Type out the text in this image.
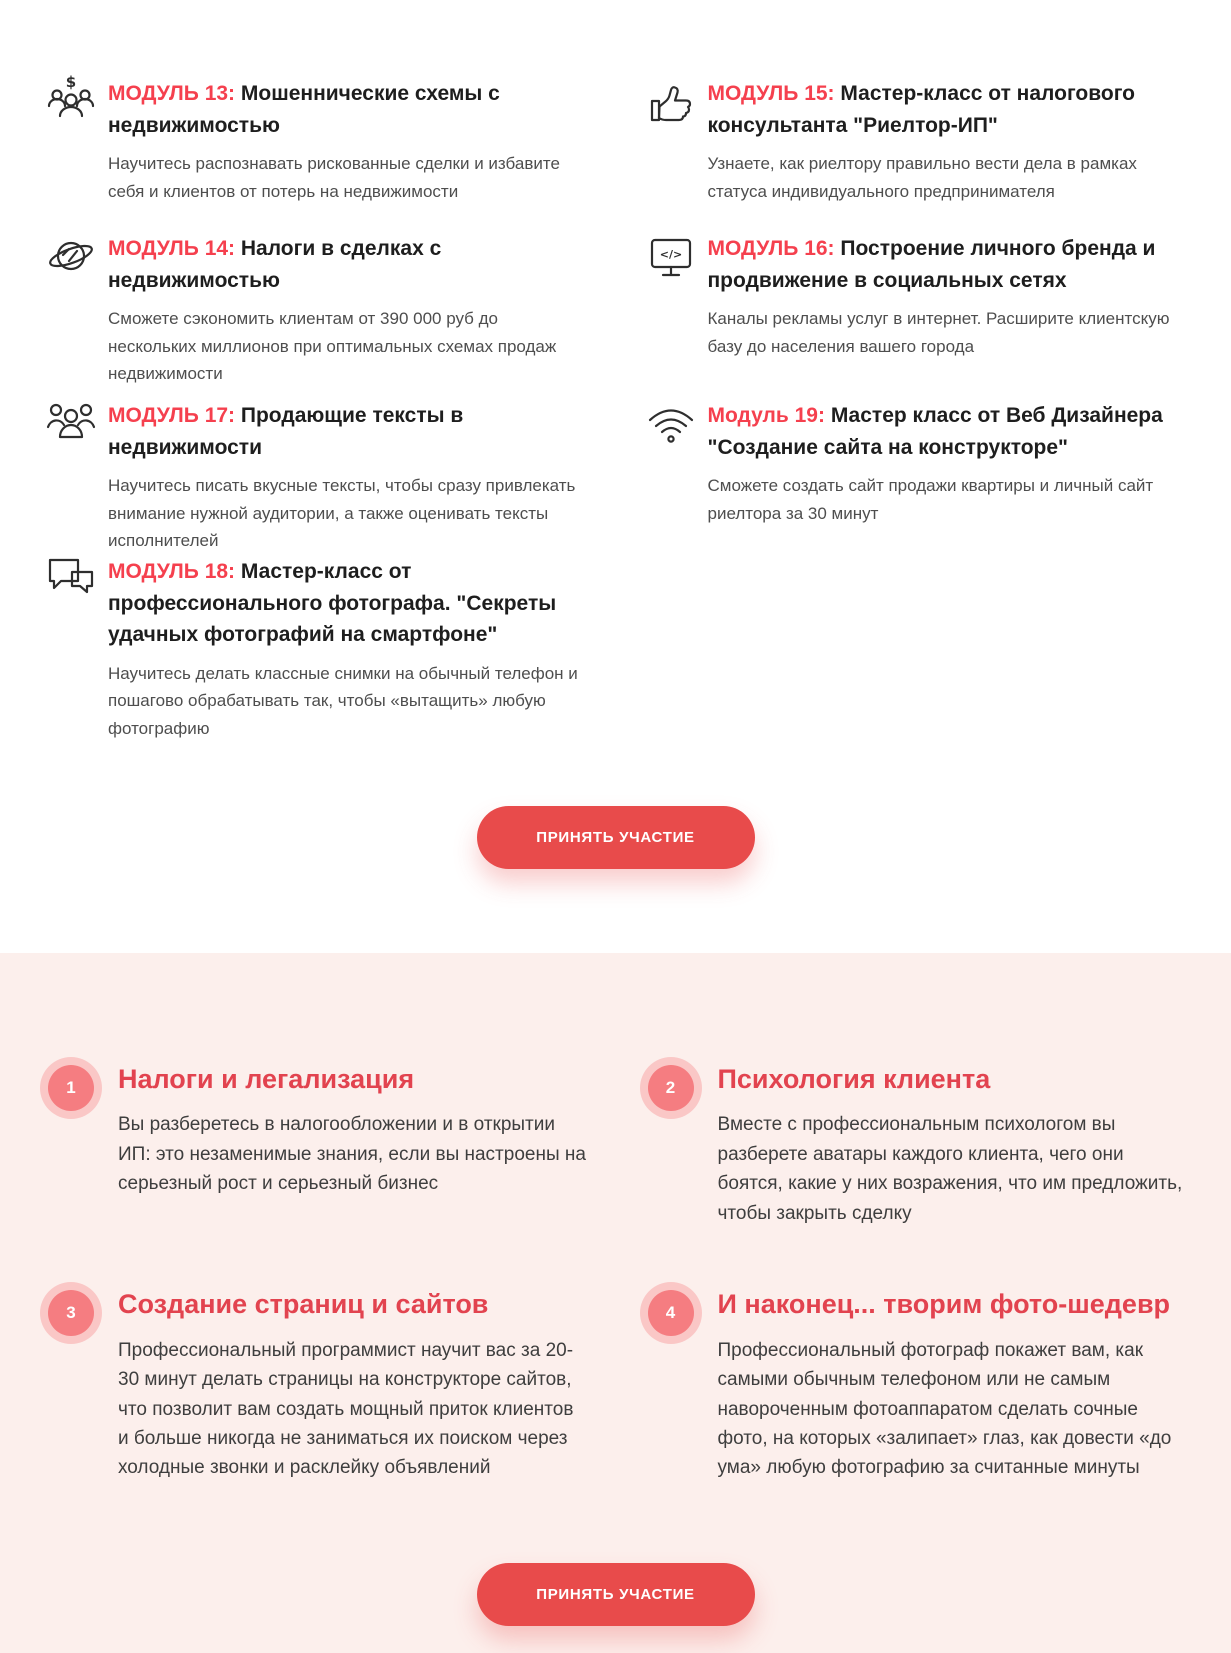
$ МОДУЛЬ 13: Мошеннические схемы с недвижимостью
Научитесь распознавать рискованные сделки и избавите себя и клиентов от потерь на недвижимости
МОДУЛЬ 15: Мастер-класс от налогового консультанта "Риелтор-ИП"
Узнаете, как риелтору правильно вести дела в рамках статуса индивидуального предпринимателя
МОДУЛЬ 14: Налоги в сделках с недвижимостью
Сможете сэкономить клиентам от 390 000 руб до нескольких миллионов при оптимальных схемах продаж недвижимости
</> МОДУЛЬ 16: Построение личного бренда и продвижение в социальных сетях
Каналы рекламы услуг в интернет. Расширите клиентскую базу до населения вашего города
МОДУЛЬ 17: Продающие тексты в недвижимости
Научитесь писать вкусные тексты, чтобы сразу привлекать внимание нужной аудитории, а также оценивать тексты исполнителей
Модуль 19: Мастер класс от Веб Дизайнера "Создание сайта на конструкторе"
Сможете создать сайт продажи квартиры и личный сайт риелтора за 30 минут
МОДУЛЬ 18: Мастер-класс от профессионального фотографа. "Секреты удачных фотографий на смартфоне"
Научитесь делать классные снимки на обычный телефон и пошагово обрабатывать так, чтобы «вытащить» любую фотографию
ПРИНЯТЬ УЧАСТИЕ
1	Налоги и легализация
Вы разберетесь в налогообложении и в открытии ИП: это незаменимые знания, если вы настроены на серьезный рост и серьезный бизнес
2	Психология клиента
Вместе с профессиональным психологом вы разберете аватары каждого клиента, чего они боятся, какие у них возражения, что им предложить, чтобы закрыть сделку
3	Создание страниц и сайтов
Профессиональный программист научит вас за 20-30 минут делать страницы на конструкторе сайтов, что позволит вам создать мощный приток клиентов и больше никогда не заниматься их поиском через холодные звонки и расклейку объявлений
4	И наконец... творим фото-шедевр
Профессиональный фотограф покажет вам, как самыми обычным телефоном или не самым навороченным фотоаппаратом сделать сочные фото, на которых «залипает» глаз, как довести «до ума» любую фотографию за считанные минуты
ПРИНЯТЬ УЧАСТИЕ
